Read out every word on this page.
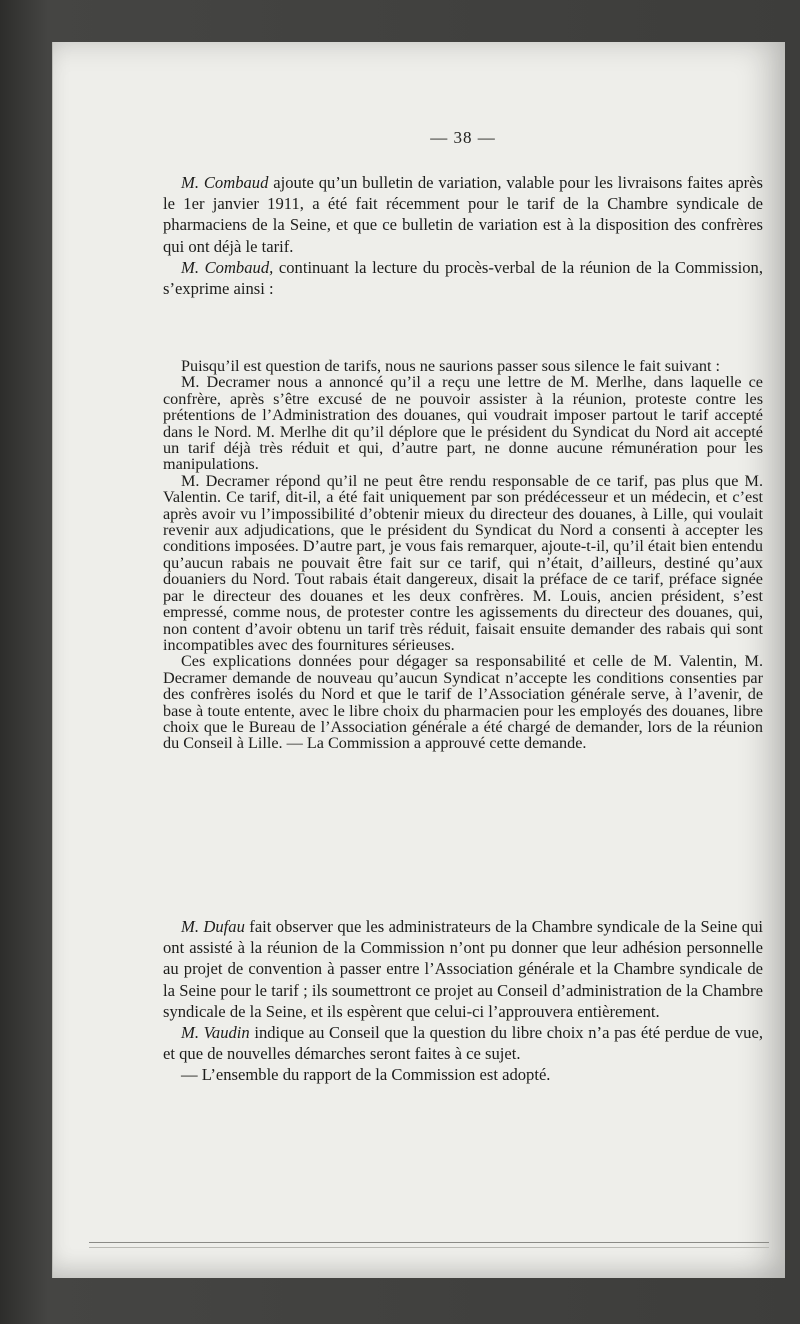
— 38 —

M. Combaud ajoute qu’un bulletin de variation, valable pour les livraisons faites après le 1er janvier 1911, a été fait récemment pour le tarif de la Chambre syndicale de pharmaciens de la Seine, et que ce bulletin de variation est à la disposition des confrères qui ont déjà le tarif.

M. Combaud, continuant la lecture du procès-verbal de la réunion de la Commission, s’exprime ainsi :

Puisqu’il est question de tarifs, nous ne saurions passer sous silence le fait suivant :

M. Decramer nous a annoncé qu’il a reçu une lettre de M. Merlhe, dans laquelle ce confrère, après s’être excusé de ne pouvoir assister à la réunion, proteste contre les prétentions de l’Administration des douanes, qui voudrait imposer partout le tarif accepté dans le Nord. M. Merlhe dit qu’il déplore que le président du Syndicat du Nord ait accepté un tarif déjà très réduit et qui, d’autre part, ne donne aucune rémunération pour les manipulations.

M. Decramer répond qu’il ne peut être rendu responsable de ce tarif, pas plus que M. Valentin. Ce tarif, dit-il, a été fait uniquement par son prédécesseur et un médecin, et c’est après avoir vu l’impossibilité d’obtenir mieux du directeur des douanes, à Lille, qui voulait revenir aux adjudications, que le président du Syndicat du Nord a consenti à accepter les conditions imposées. D’autre part, je vous fais remarquer, ajoute-t-il, qu’il était bien entendu qu’aucun rabais ne pouvait être fait sur ce tarif, qui n’était, d’ailleurs, destiné qu’aux douaniers du Nord. Tout rabais était dangereux, disait la préface de ce tarif, préface signée par le directeur des douanes et les deux confrères. M. Louis, ancien président, s’est empressé, comme nous, de protester contre les agissements du directeur des douanes, qui, non content d’avoir obtenu un tarif très réduit, faisait ensuite demander des rabais qui sont incompatibles avec des fournitures sérieuses.

Ces explications données pour dégager sa responsabilité et celle de M. Valentin, M. Decramer demande de nouveau qu’aucun Syndicat n’accepte les conditions consenties par des confrères isolés du Nord et que le tarif de l’Association générale serve, à l’avenir, de base à toute entente, avec le libre choix du pharmacien pour les employés des douanes, libre choix que le Bureau de l’Association générale a été chargé de demander, lors de la réunion du Conseil à Lille. — La Commission a approuvé cette demande.

M. Dufau fait observer que les administrateurs de la Chambre syndicale de la Seine qui ont assisté à la réunion de la Commission n’ont pu donner que leur adhésion personnelle au projet de convention à passer entre l’Association générale et la Chambre syndicale de la Seine pour le tarif ; ils soumettront ce projet au Conseil d’administration de la Chambre syndicale de la Seine, et ils espèrent que celui-ci l’approuvera entièrement.

M. Vaudin indique au Conseil que la question du libre choix n’a pas été perdue de vue, et que de nouvelles démarches seront faites à ce sujet.

— L’ensemble du rapport de la Commission est adopté.
